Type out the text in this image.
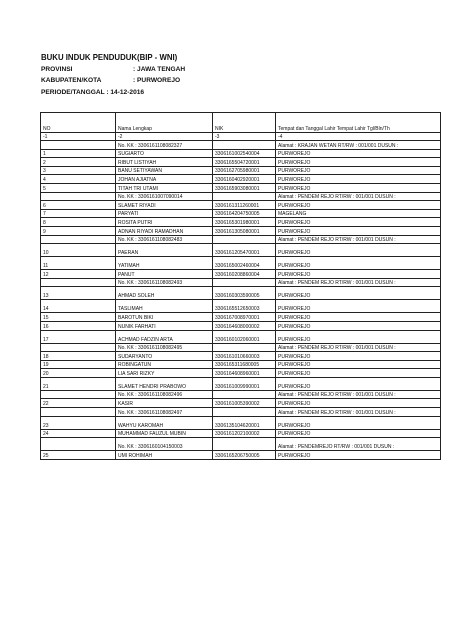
BUKU INDUK PENDUDUK(BIP - WNI)
PROVINSI	: JAWA TENGAH
KABUPATEN/KOTA	: PURWOREJO
PERIODE/TANGGAL : 14-12-2016
NO	Nama Lengkap	NIK	Tempat dan Tanggal Lahir Tempat Lahir Tgl/Bln/Th
-1	-2	-3	-4
	No. KK : 3306161108082327		Alamat : KRAJAN WETAN RT/RW : 001/001 DUSUN :
1	SUGIARTO	3306161002540004	PURWOREJO
2	RIBUT LISTIYAH	3306165504720001	PURWOREJO
3	BANU SETIYAWAN	3306162705980001	PURWOREJO
4	JOHAN AJIATNA	3306160402920001	PURWOREJO
5	TITAH TRI UTAMI	3306165903080001	PURWOREJO
	No. KK : 3306161007090014		Alamat : PENDEM REJO RT/RW : 001/001 DUSUN :
6	SLAMET RIYADI	3306161311260001	PURWOREJO
7	PARYATI	3306164204750005	MAGELANG
8	ROSITA PUTRI	3306165301980001	PURWOREJO
9	ADNAN RIYADI RAMADHAN	3306161305080001	PURWOREJO
	No. KK : 3306161108082483		Alamat : PENDEM REJO RT/RW : 001/001 DUSUN :
10	PAERAN	3306161205470001	PURWOREJO
11	YATIMAH	3306165002460004	PURWOREJO
12	PANUT	3306160208860004	PURWOREJO
	No. KK : 3306161108082493		Alamat : PENDEM REJO RT/RW : 001/001 DUSUN :
13	AHMAD SOLEH	3306160303590005	PURWOREJO
14	TASLIMAH	3306165512650003	PURWOREJO
15	BAROTUN BIKI	3306167008970001	PURWOREJO
16	NUNIK FARHATI	3306164608000002	PURWOREJO
17	ACHMAD FADZIN ARTA	3306160102060001	PURWOREJO
	No. KK : 3306161108082495		Alamat : PENDEM REJO RT/RW : 001/001 DUSUN :
18	SUDARYANTO	3306161010660003	PURWOREJO
19	ROBINGATUN	3306165311680005	PURWOREJO
20	LIA SARI RIZKY	3306164608960001	PURWOREJO
21	SLAMET HENDRI PRABOWO	3306161009990001	PURWOREJO
	No. KK : 3306161108082496		Alamat : PENDEM REJO RT/RW : 001/001 DUSUN :
22	KASIR	3306161005390002	PURWOREJO
	No. KK : 3306161108082497		Alamat : PENDEM REJO RT/RW : 001/001 DUSUN :
23	WAHYU KAROMAH	3306135104620001	PURWOREJO
24	MUHAMMAD FAUZUL MUBIN	3306161202100002	PURWOREJO
	No. KK : 3306160104150003		Alamat : PENDEMREJO RT/RW : 001/001 DUSUN :
25	UMI ROHIMAH	3306165206750005	PURWOREJO
